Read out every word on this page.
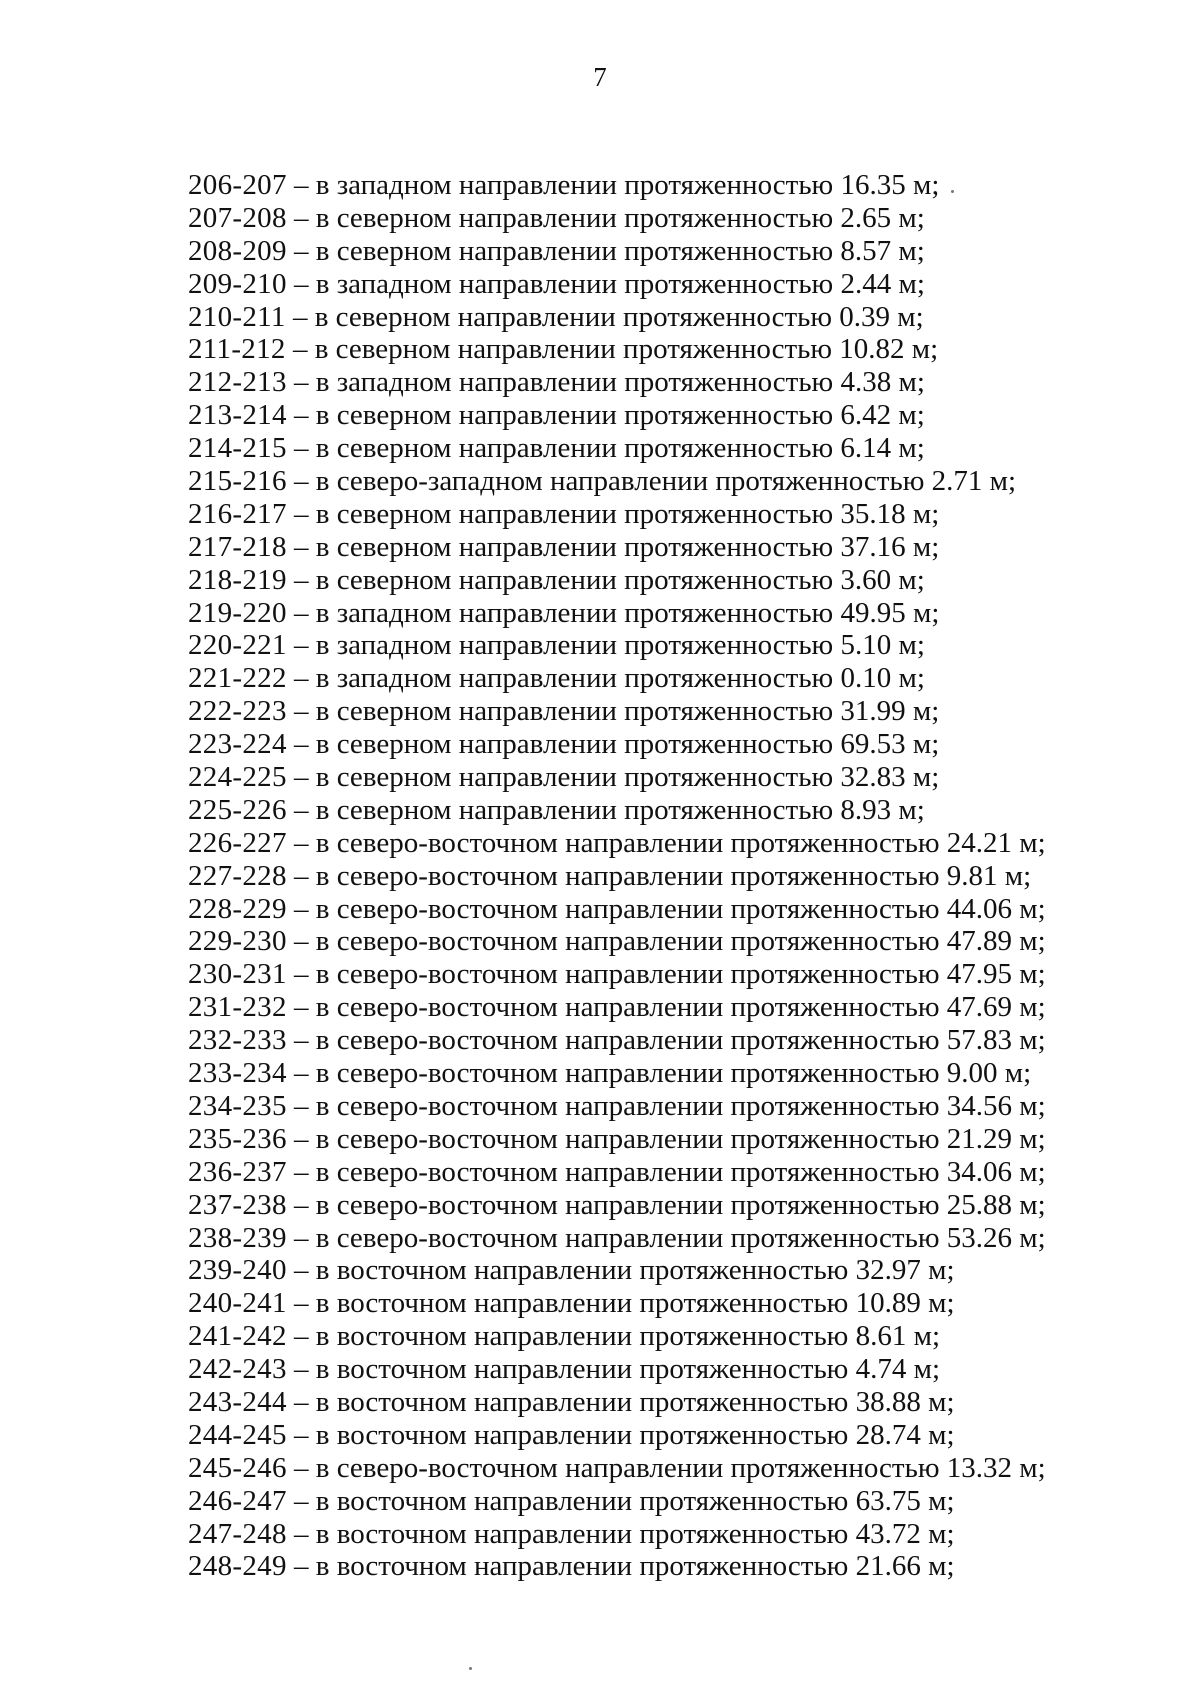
7
206-207 – в западном направлении протяженностью 16.35 м;
207-208 – в северном направлении протяженностью 2.65 м;
208-209 – в северном направлении протяженностью 8.57 м;
209-210 – в западном направлении протяженностью 2.44 м;
210-211 – в северном направлении протяженностью 0.39 м;
211-212 – в северном направлении протяженностью 10.82 м;
212-213 – в западном направлении протяженностью 4.38 м;
213-214 – в северном направлении протяженностью 6.42 м;
214-215 – в северном направлении протяженностью 6.14 м;
215-216 – в северо-западном направлении протяженностью 2.71 м;
216-217 – в северном направлении протяженностью 35.18 м;
217-218 – в северном направлении протяженностью 37.16 м;
218-219 – в северном направлении протяженностью 3.60 м;
219-220 – в западном направлении протяженностью 49.95 м;
220-221 – в западном направлении протяженностью 5.10 м;
221-222 – в западном направлении протяженностью 0.10 м;
222-223 – в северном направлении протяженностью 31.99 м;
223-224 – в северном направлении протяженностью 69.53 м;
224-225 – в северном направлении протяженностью 32.83 м;
225-226 – в северном направлении протяженностью 8.93 м;
226-227 – в северо-восточном направлении протяженностью 24.21 м;
227-228 – в северо-восточном направлении протяженностью 9.81 м;
228-229 – в северо-восточном направлении протяженностью 44.06 м;
229-230 – в северо-восточном направлении протяженностью 47.89 м;
230-231 – в северо-восточном направлении протяженностью 47.95 м;
231-232 – в северо-восточном направлении протяженностью 47.69 м;
232-233 – в северо-восточном направлении протяженностью 57.83 м;
233-234 – в северо-восточном направлении протяженностью 9.00 м;
234-235 – в северо-восточном направлении протяженностью 34.56 м;
235-236 – в северо-восточном направлении протяженностью 21.29 м;
236-237 – в северо-восточном направлении протяженностью 34.06 м;
237-238 – в северо-восточном направлении протяженностью 25.88 м;
238-239 – в северо-восточном направлении протяженностью 53.26 м;
239-240 – в восточном направлении протяженностью 32.97 м;
240-241 – в восточном направлении протяженностью 10.89 м;
241-242 – в восточном направлении протяженностью 8.61 м;
242-243 – в восточном направлении протяженностью 4.74 м;
243-244 – в восточном направлении протяженностью 38.88 м;
244-245 – в восточном направлении протяженностью 28.74 м;
245-246 – в северо-восточном направлении протяженностью 13.32 м;
246-247 – в восточном направлении протяженностью 63.75 м;
247-248 – в восточном направлении протяженностью 43.72 м;
248-249 – в восточном направлении протяженностью 21.66 м;
